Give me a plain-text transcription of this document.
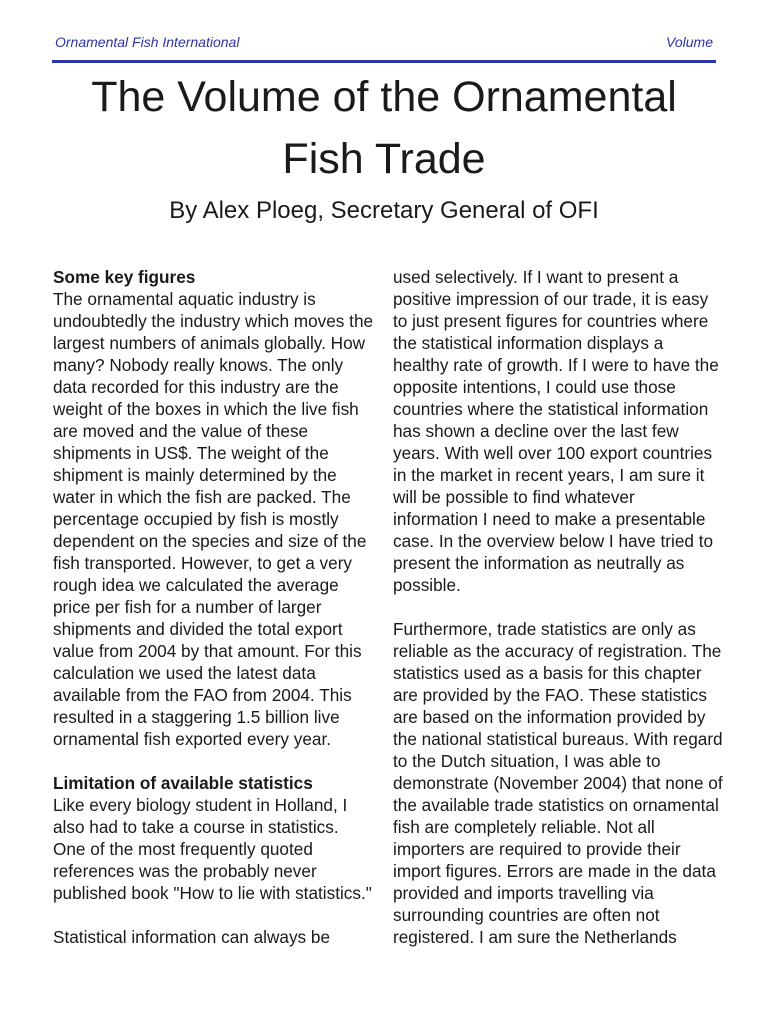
Ornamental Fish International	Volume
The Volume of the Ornamental
Fish Trade
By Alex Ploeg, Secretary General of OFI

Some key figures
The ornamental aquatic industry is undoubtedly the industry which moves the largest numbers of animals globally. How many? Nobody really knows. The only data recorded for this industry are the weight of the boxes in which the live fish are moved and the value of these shipments in US$. The weight of the shipment is mainly determined by the water in which the fish are packed. The percentage occupied by fish is mostly dependent on the species and size of the fish transported. However, to get a very rough idea we calculated the average price per fish for a number of larger shipments and divided the total export value from 2004 by that amount. For this calculation we used the latest data available from the FAO from 2004. This resulted in a staggering 1.5 billion live ornamental fish exported every year.

Limitation of available statistics
Like every biology student in Holland, I also had to take a course in statistics. One of the most frequently quoted references was the probably never published book "How to lie with statistics."

Statistical information can always be

used selectively. If I want to present a positive impression of our trade, it is easy to just present figures for countries where the statistical information displays a healthy rate of growth. If I were to have the opposite intentions, I could use those countries where the statistical information has shown a decline over the last few years. With well over 100 export countries in the market in recent years, I am sure it will be possible to find whatever information I need to make a presentable case. In the overview below I have tried to present the information as neutrally as possible.

Furthermore, trade statistics are only as reliable as the accuracy of registration. The statistics used as a basis for this chapter are provided by the FAO. These statistics are based on the information provided by the national statistical bureaus. With regard to the Dutch situation, I was able to demonstrate (November 2004) that none of the available trade statistics on ornamental fish are completely reliable. Not all importers are required to provide their import figures. Errors are made in the data provided and imports travelling via surrounding countries are often not registered. I am sure the Netherlands
